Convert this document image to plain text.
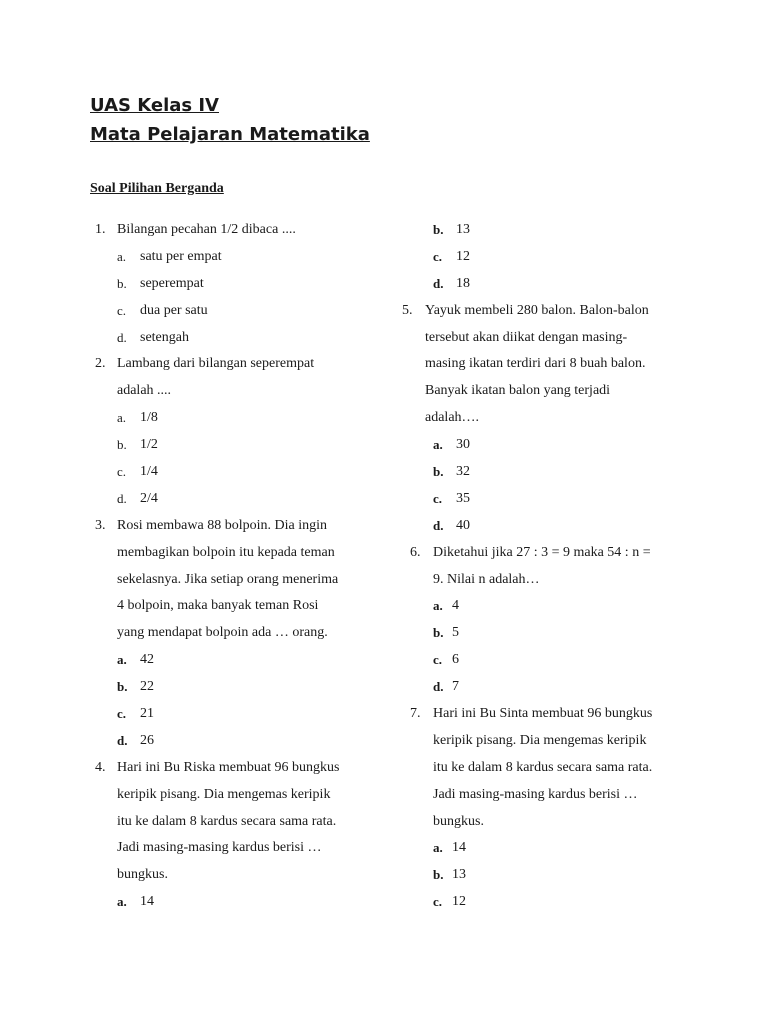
UAS Kelas IV
Mata Pelajaran Matematika
Soal Pilihan Berganda
1. Bilangan pecahan 1/2 dibaca ....
a. satu per empat
b. seperempat
c. dua per satu
d. setengah
2. Lambang dari bilangan seperempat
adalah ....
a. 1/8
b. 1/2
c. 1/4
d. 2/4
3. Rosi membawa 88 bolpoin. Dia ingin
membagikan bolpoin itu kepada teman
sekelasnya. Jika setiap orang menerima
4 bolpoin, maka banyak teman Rosi
yang mendapat bolpoin ada … orang.
a. 42
b. 22
c. 21
d. 26
4. Hari ini Bu Riska membuat 96 bungkus
keripik pisang. Dia mengemas keripik
itu ke dalam 8 kardus secara sama rata.
Jadi masing-masing kardus berisi …
bungkus.
a. 14
b. 13
c. 12
d. 18
5. Yayuk membeli 280 balon. Balon-balon
tersebut akan diikat dengan masing-
masing ikatan terdiri dari 8 buah balon.
Banyak ikatan balon yang terjadi
adalah….
a. 30
b. 32
c. 35
d. 40
6. Diketahui jika 27 : 3 = 9 maka 54 : n =
9. Nilai n adalah…
a. 4
b. 5
c. 6
d. 7
7. Hari ini Bu Sinta membuat 96 bungkus
keripik pisang. Dia mengemas keripik
itu ke dalam 8 kardus secara sama rata.
Jadi masing-masing kardus berisi …
bungkus.
a. 14
b. 13
c. 12
